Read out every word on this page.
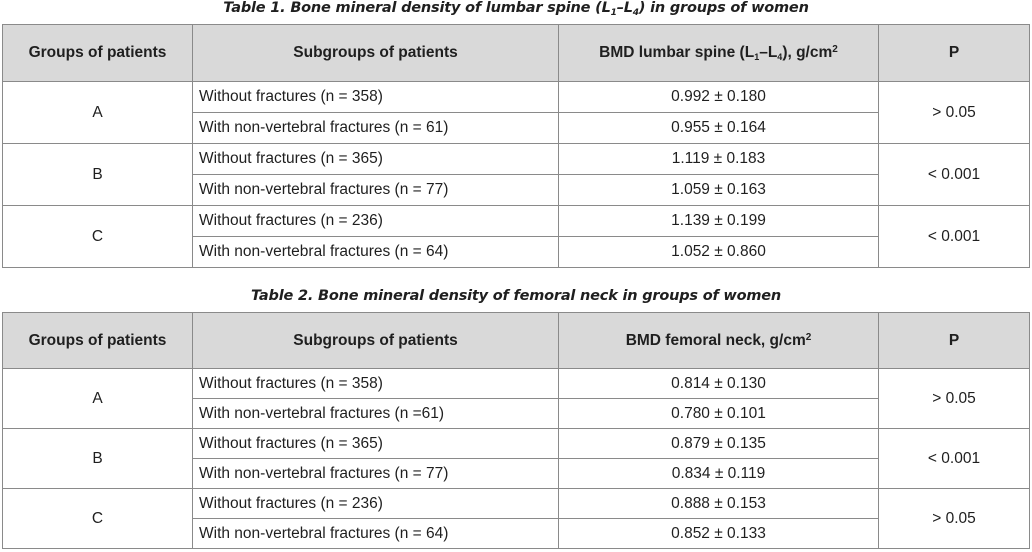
Table 1. Bone mineral density of lumbar spine $(L_1-L_4)$ in groups of women
Groups of patients	Subgroups of patients	BMD lumbar spine $(L_1-L_4)$, $g/cm^2$	P
A	Without fractures (n = 358)	0.992 ± 0.180	> 0.05
	With non-vertebral fractures (n = 61)	0.955 ± 0.164	
B	Without fractures (n = 365)	1.119 ± 0.183	< 0.001
	With non-vertebral fractures (n = 77)	1.059 ± 0.163	
C	Without fractures (n = 236)	1.139 ± 0.199	< 0.001
	With non-vertebral fractures (n = 64)	1.052 ± 0.860	
Table 2. Bone mineral density of femoral neck in groups of women
Groups of patients	Subgroups of patients	BMD femoral neck, $g/cm^2$	P
A	Without fractures (n = 358)	0.814 ± 0.130	> 0.05
	With non-vertebral fractures (n =61)	0.780 ± 0.101	
B	Without fractures (n = 365)	0.879 ± 0.135	< 0.001
	With non-vertebral fractures (n = 77)	0.834 ± 0.119	
C	Without fractures (n = 236)	0.888 ± 0.153	> 0.05
	With non-vertebral fractures (n = 64)	0.852 ± 0.133	
